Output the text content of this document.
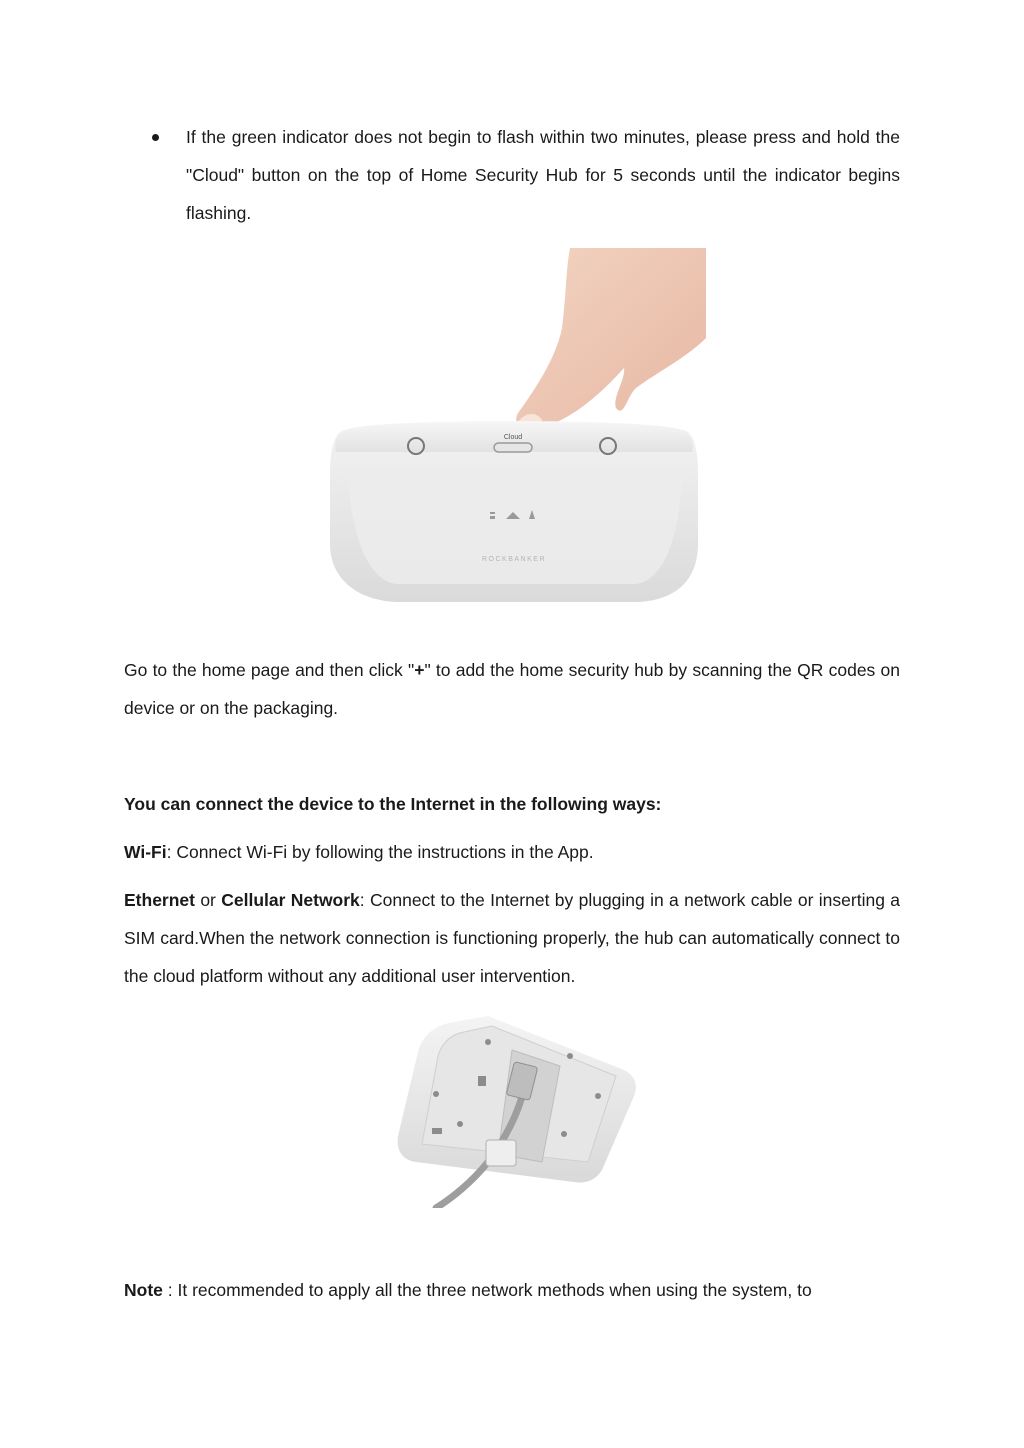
If the green indicator does not begin to flash within two minutes, please press and hold the "Cloud" button on the top of Home Security Hub for 5 seconds until the indicator begins flashing.

Cloud
ROCKBANKER

Go to the home page and then click "+" to add the home security hub by scanning the QR codes on device or on the packaging.

You can connect the device to the Internet in the following ways:

Wi-Fi: Connect Wi-Fi by following the instructions in the App.

Ethernet or Cellular Network: Connect to the Internet by plugging in a network cable or inserting a SIM card.When the network connection is functioning properly, the hub can automatically connect to the cloud platform without any additional user intervention.

Note : It recommended to apply all the three network methods when using the system, to
